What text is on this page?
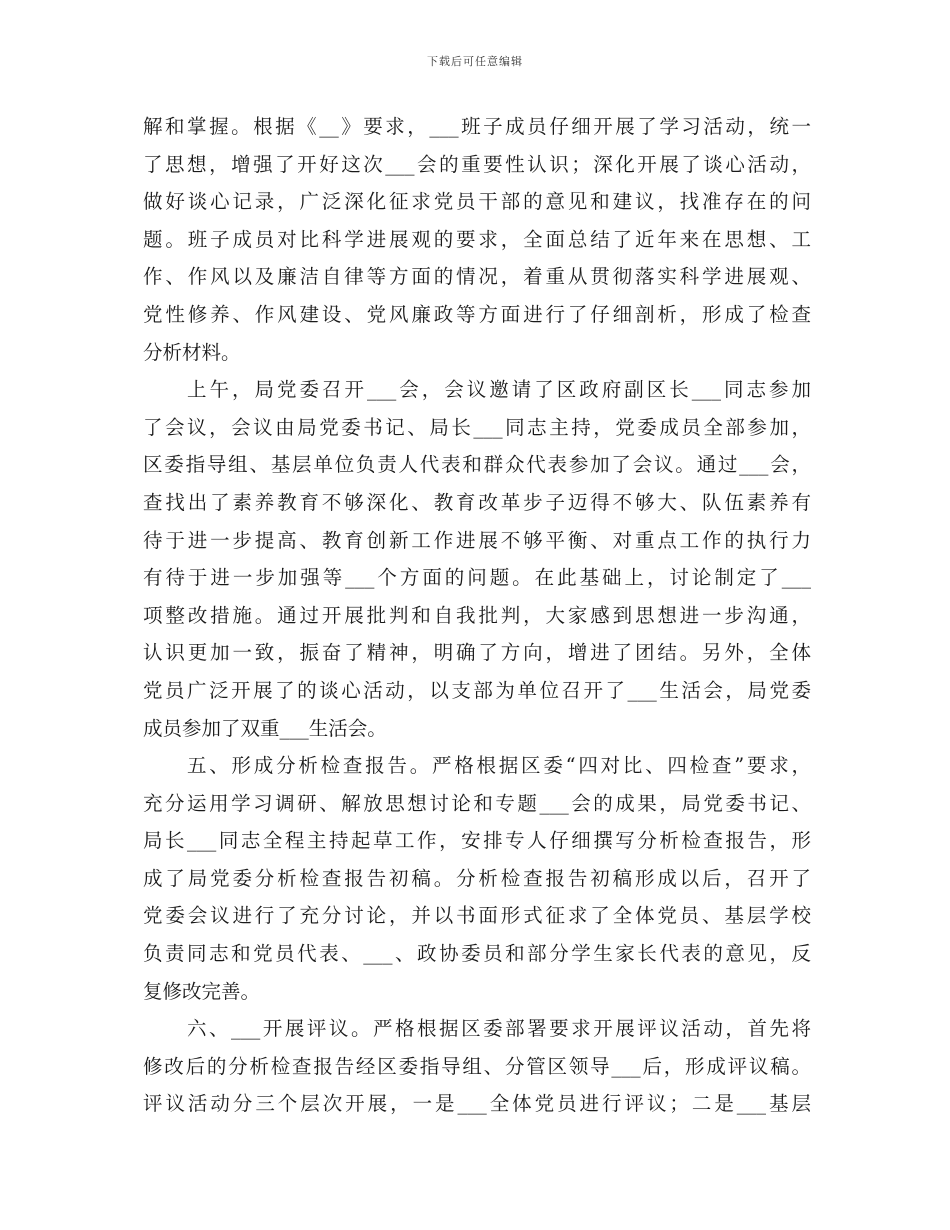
下载后可任意编辑
解和掌握。根据《__》要求，___班子成员仔细开展了学习活动，统一
了思想，增强了开好这次___会的重要性认识；深化开展了谈心活动，
做好谈心记录，广泛深化征求党员干部的意见和建议，找准存在的问
题。班子成员对比科学进展观的要求，全面总结了近年来在思想、工
作、作风以及廉洁自律等方面的情况，着重从贯彻落实科学进展观、
党性修养、作风建设、党风廉政等方面进行了仔细剖析，形成了检查
分析材料。
上午，局党委召开___会，会议邀请了区政府副区长___同志参加
了会议，会议由局党委书记、局长___同志主持，党委成员全部参加，
区委指导组、基层单位负责人代表和群众代表参加了会议。通过___会，
查找出了素养教育不够深化、教育改革步子迈得不够大、队伍素养有
待于进一步提高、教育创新工作进展不够平衡、对重点工作的执行力
有待于进一步加强等___个方面的问题。在此基础上，讨论制定了___
项整改措施。通过开展批判和自我批判，大家感到思想进一步沟通，
认识更加一致，振奋了精神，明确了方向，增进了团结。另外，全体
党员广泛开展了的谈心活动，以支部为单位召开了___生活会，局党委
成员参加了双重___生活会。
五、形成分析检查报告。严格根据区委“四对比、四检查”要求，
充分运用学习调研、解放思想讨论和专题___会的成果，局党委书记、
局长___同志全程主持起草工作，安排专人仔细撰写分析检查报告，形
成了局党委分析检查报告初稿。分析检查报告初稿形成以后，召开了
党委会议进行了充分讨论，并以书面形式征求了全体党员、基层学校
负责同志和党员代表、___、政协委员和部分学生家长代表的意见，反
复修改完善。
六、___开展评议。严格根据区委部署要求开展评议活动，首先将
修改后的分析检查报告经区委指导组、分管区领导___后，形成评议稿。
评议活动分三个层次开展，一是___全体党员进行评议；二是___基层
